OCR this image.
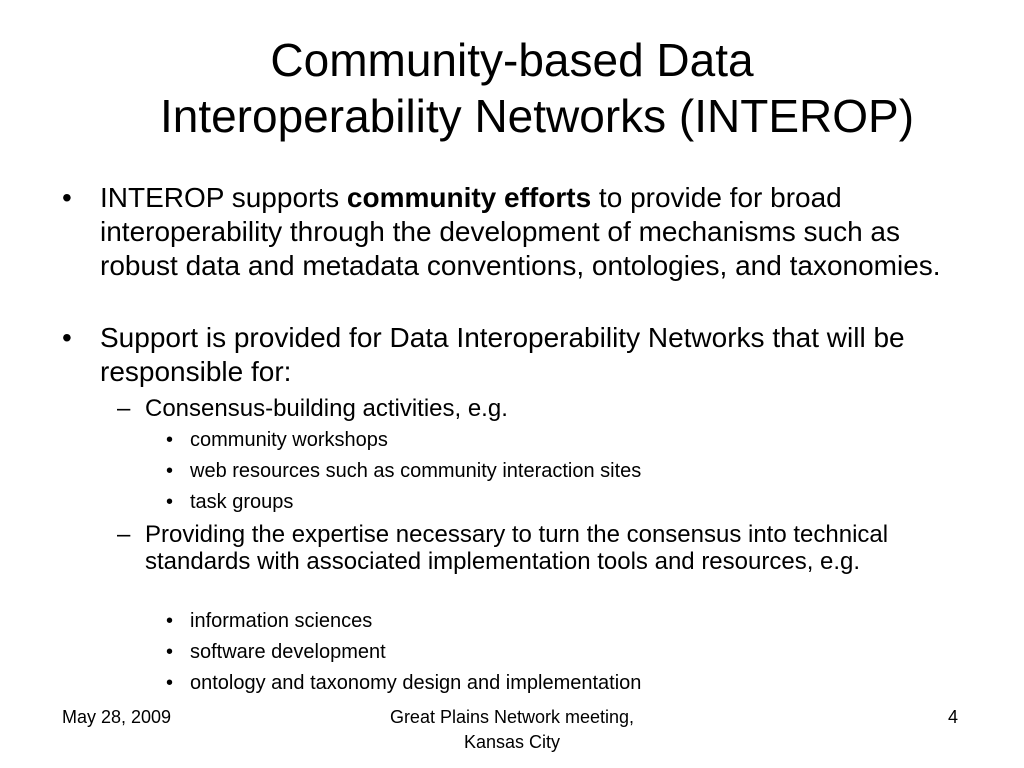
Community-based Data
Interoperability Networks (INTEROP)
•	INTEROP supports community efforts to provide for broad interoperability through the development of mechanisms such as robust data and metadata conventions, ontologies, and taxonomies.
•	Support is provided for Data Interoperability Networks that will be responsible for:
– Consensus-building activities, e.g.
• community workshops
• web resources such as community interaction sites
• task groups
– Providing the expertise necessary to turn the consensus into technical standards with associated implementation tools and resources, e.g.
• information sciences
• software development
• ontology and taxonomy design and implementation
May 28, 2009	Great Plains Network meeting,
Kansas City
4
